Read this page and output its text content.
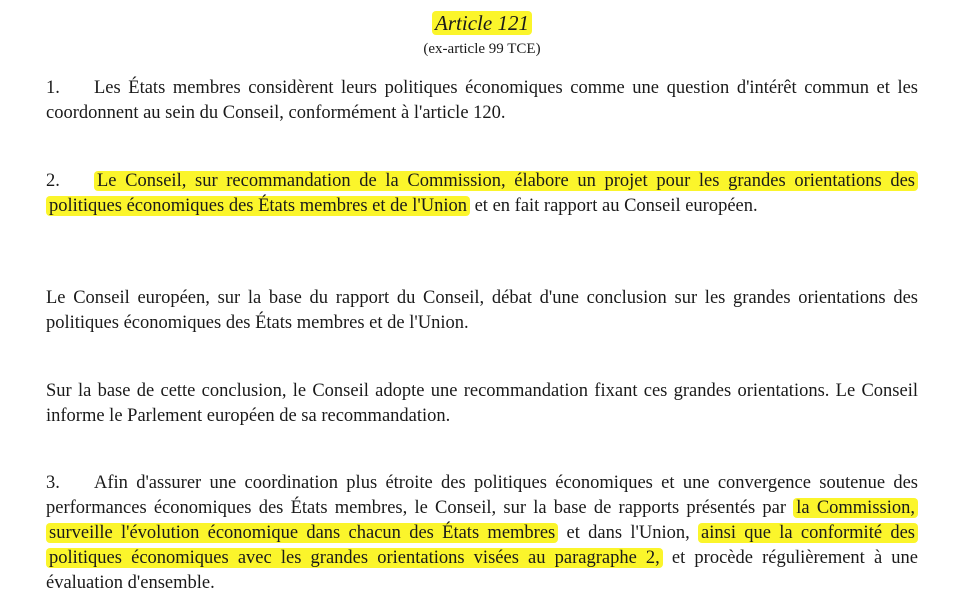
Article 121
(ex-article 99 TCE)

1. Les États membres considèrent leurs politiques économiques comme une question d'intérêt commun et les coordonnent au sein du Conseil, conformément à l'article 120.

2. Le Conseil, sur recommandation de la Commission, élabore un projet pour les grandes orientations des politiques économiques des États membres et de l'Union et en fait rapport au Conseil européen.

Le Conseil européen, sur la base du rapport du Conseil, débat d'une conclusion sur les grandes orientations des politiques économiques des États membres et de l'Union.

Sur la base de cette conclusion, le Conseil adopte une recommandation fixant ces grandes orientations. Le Conseil informe le Parlement européen de sa recommandation.

3. Afin d'assurer une coordination plus étroite des politiques économiques et une convergence soutenue des performances économiques des États membres, le Conseil, sur la base de rapports présentés par la Commission, surveille l'évolution économique dans chacun des États membres et dans l'Union, ainsi que la conformité des politiques économiques avec les grandes orientations visées au paragraphe 2, et procède régulièrement à une évaluation d'ensemble.
